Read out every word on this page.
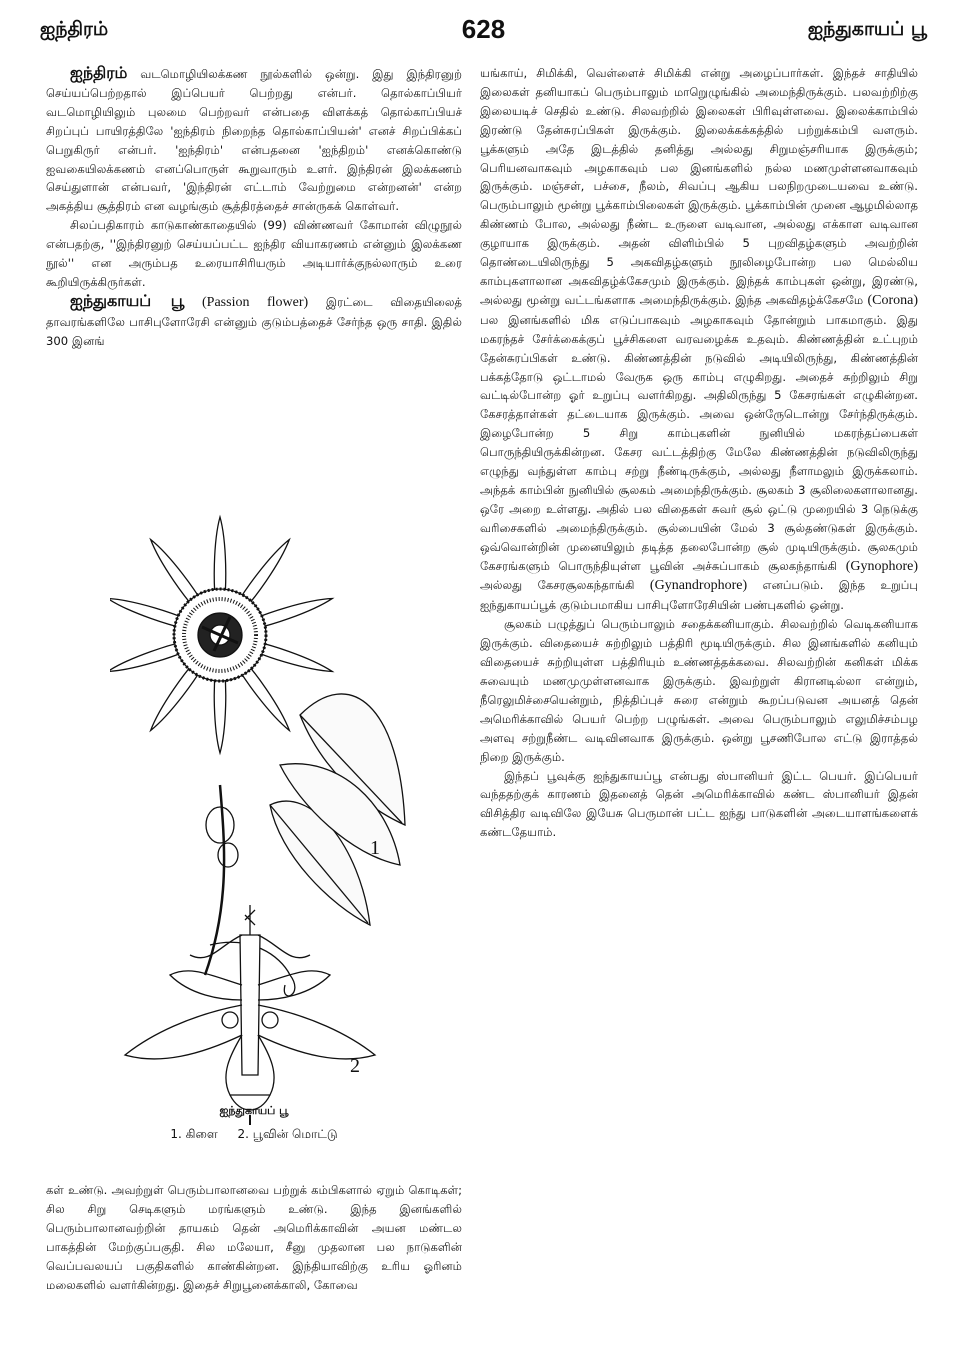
ஐந்திரம்	628	ஐந்துகாயப் பூ

ஐந்திரம் வடமொழியிலக்கண நூல்களில் ஒன்று. இது இந்திரனுற் செய்யப்பெற்றதால் இப்பெயர் பெற்றது என்பர். தொல்காப்பியர் வடமொழியிலும் புலமை பெற்றவர் என்பதை விளக்கத் தொல்காப்பியச் சிறப்புப் பாயிரத்திலே 'ஐந்திரம் நிறைந்த தொல்காப்பியன்' எனச் சிறப்பிக்கப் பெறுகிருர் என்பர். 'ஐந்திரம்' என்பதனை 'ஐந்திறம்' எனக்கொண்டு ஐவகையிலக்கணம் எனப்பொருள் கூறுவாரும் உளர். இந்திரன் இலக்கணம் செய்துளான் என்பவர், 'இந்திரன் எட்டாம் வேற்றுமை என்றனன்' என்ற அகத்திய சூத்திரம் என வழங்கும் சூத்திரத்தைச் சான்ருகக் கொள்வர்.

சிலப்பதிகாரம் காடுகாண்காதையில் (99) விண்ணவர் கோமான் விழுநூல் என்பதற்கு, ''இந்திரனுற் செய்யப்பட்ட ஐந்திர வியாகரணம் என்னும் இலக்கண நூல்'' என அரும்பத உரையாசிரியரும் அடியார்க்குநல்லாரும் உரை கூறியிருக்கிருர்கள்.

ஐந்துகாயப் பூ (Passion flower) இரட்டை விதையிலைத் தாவரங்களிலே பாசிபுளோரேசி என்னும் குடும்பத்தைச் சேர்ந்த ஒரு சாதி. இதில் 300 இனங்

1
2
ஐந்துகாயப் பூ
1. கிளை 2. பூவின் மொட்டு

கள் உண்டு. அவற்றுள் பெரும்பாலானவை பற்றுக் கம்பிகளால் ஏறும் கொடிகள்; சில சிறு செடிகளும் மரங்களும் உண்டு. இந்த இனங்களில் பெரும்பாலானவற்றின் தாயகம் தென் அமெரிக்காவின் அயன மண்டல பாகத்தின் மேற்குப்பகுதி. சில மலேயா, சீனு முதலான பல நாடுகளின் வெப்பவலயப் பகுதிகளில் காண்கின்றன. இந்தியாவிற்கு உரிய ஓரினம் மலைகளில் வளர்கின்றது. இதைச் சிறுபூனைக்காலி, கோவை

யங்காய், சிமிக்கி, வெள்ளைச் சிமிக்கி என்று அழைப்பார்கள். இந்தச் சாதியில் இலைகள் தனியாகப் பெரும்பாலும் மாறுெழுங்கில் அமைந்திருக்கும். பலவற்றிற்கு இலையடிச் செதில் உண்டு. சிலவற்றில் இலைகள் பிரிவுள்ளவை. இலைக்காம்பில் இரண்டு தேன்சுரப்பிகள் இருக்கும். இலைக்கக்கத்தில் பற்றுக்கம்பி வளரும். பூக்களும் அதே இடத்தில் தனித்து அல்லது சிறுமஞ்சரியாக இருக்கும்; பெரியனவாகவும் அழகாகவும் பல இனங்களில் நல்ல மணமுள்ளனவாகவும் இருக்கும். மஞ்சள், பச்சை, நீலம், சிவப்பு ஆகிய பலநிறமுடையவை உண்டு. பெரும்பாலும் மூன்று பூக்காம்பிலைகள் இருக்கும். பூக்காம்பின் முனை ஆழமில்லாத கிண்ணம் போல, அல்லது நீண்ட உருளை வடிவான, அல்லது எக்காள வடிவான குழாயாக இருக்கும். அதன் விளிம்பில் 5 புறவிதழ்களும் அவற்றின் தொண்டையிலிருந்து 5 அகவிதழ்களும் நூலிழைபோன்ற பல மெல்லிய காம்புகளாலான அகவிதழ்க்கேசமும் இருக்கும். இந்தக் காம்புகள் ஒன்று, இரண்டு, அல்லது மூன்று வட்டங்களாக அமைந்திருக்கும். இந்த அகவிதழ்க்கேசமே (Corona) பல இனங்களில் மிக எடுப்பாகவும் அழகாகவும் தோன்றும் பாகமாகும். இது மகரந்தச் சேர்க்கைக்குப் பூச்சிகளை வரவழைக்க உதவும். கிண்ணத்தின் உட்புறம் தேன்சுரப்பிகள் உண்டு. கிண்ணத்தின் நடுவில் அடியிலிருந்து, கிண்ணத்தின் பக்கத்தோடு ஒட்டாமல் வேருக ஒரு காம்பு எழுகிறது. அதைச் சுற்றிலும் சிறு வட்டில்போன்ற ஓர் உறுப்பு வளர்கிறது. அதிலிருந்து 5 கேசரங்கள் எழுகின்றன. கேசரத்தாள்கள் தட்டையாக இருக்கும். அவை ஒன்ருேடொன்று சேர்ந்திருக்கும். இழைபோன்ற 5 சிறு காம்புகளின் நுனியில் மகரந்தப்பைகள் பொருந்தியிருக்கின்றன. கேசர வட்டத்திற்கு மேலே கிண்ணத்தின் நடுவிலிருந்து எழுந்து வந்துள்ள காம்பு சற்று நீண்டிருக்கும், அல்லது நீளாமலும் இருக்கலாம். அந்தக் காம்பின் நுனியில் சூலகம் அமைந்திருக்கும். சூலகம் 3 சூலிலைகளாலானது. ஒரே அறை உள்ளது. அதில் பல விதைகள் சுவர் சூல் ஒட்டு முறையில் 3 நெடுக்கு வரிசைகளில் அமைந்திருக்கும். சூல்பையின் மேல் 3 சூல்தண்டுகள் இருக்கும். ஒவ்வொன்றின் முனையிலும் தடித்த தலைபோன்ற சூல் முடியிருக்கும். சூலகமும் கேசரங்களும் பொருந்தியுள்ள பூவின் அச்சுப்பாகம் சூலகந்தாங்கி (Gynophore) அல்லது கேசரசூலகந்தாங்கி (Gynandrophore) எனப்படும். இந்த உறுப்பு ஐந்துகாயப்பூக் குடும்பமாகிய பாசிபுளோரேசியின் பண்புகளில் ஒன்று.

சூலகம் பழுத்துப் பெரும்பாலும் சதைக்கனியாகும். சிலவற்றில் வெடிகனியாக இருக்கும். விதையைச் சுற்றிலும் பத்திரி மூடியிருக்கும். சில இனங்களில் கனியும் விதையைச் சுற்றியுள்ள பத்திரியும் உண்ணத்தக்கவை. சிலவற்றின் கனிகள் மிக்க சுவையும் மணமுமுள்ளனவாக இருக்கும். இவற்றுள் கிரானடில்லா என்றும், நீரெலுமிச்சையென்றும், நித்திப்புச் சுரை என்றும் கூறப்படுவன அயனத் தென் அமெரிக்காவில் பெயர் பெற்ற பழுங்கள். அவை பெரும்பாலும் எலுமிச்சம்பழ அளவு சற்றுநீண்ட வடிவினவாக இருக்கும். ஒன்று பூசணிபோல எட்டு இராத்தல் நிறை இருக்கும்.

இந்தப் பூவுக்கு ஐந்துகாயப்பூ என்பது ஸ்பானியர் இட்ட பெயர். இப்பெயர் வந்ததற்குக் காரணம் இதனைத் தென் அமெரிக்காவில் கண்ட ஸ்பானியர் இதன் விசித்திர வடிவிலே இயேசு பெருமான் பட்ட ஐந்து பாடுகளின் அடையாளங்களைக் கண்டதேயாம்.
